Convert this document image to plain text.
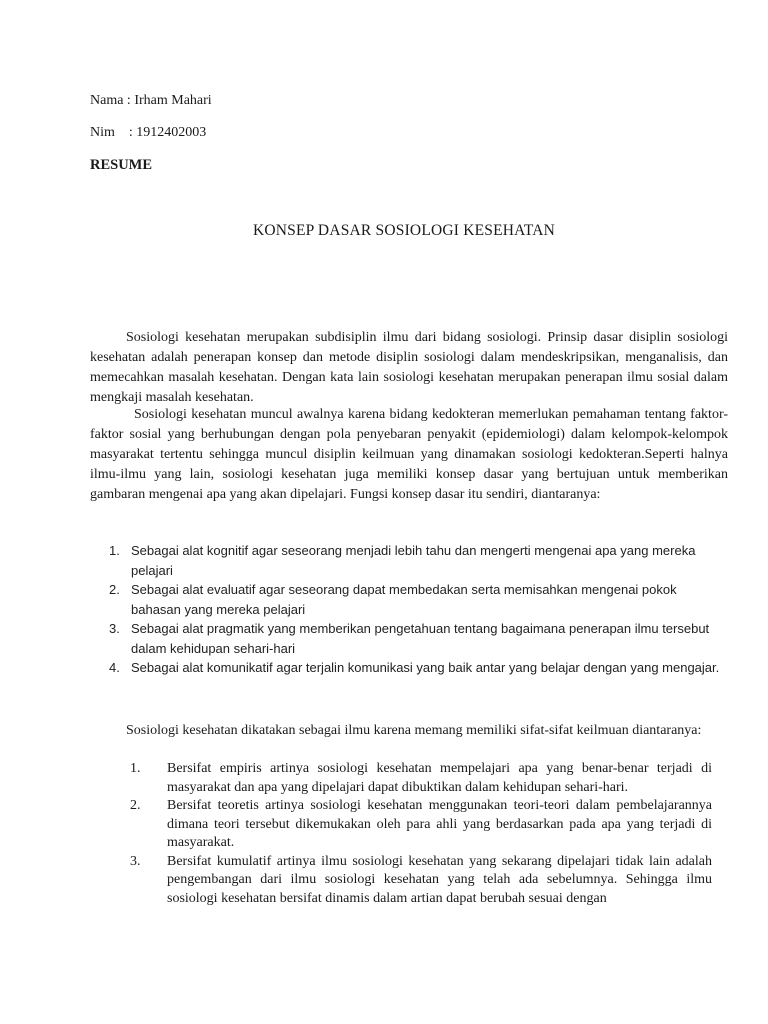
Nama : Irham Mahari
Nim    : 1912402003
RESUME
KONSEP DASAR SOSIOLOGI KESEHATAN

Sosiologi kesehatan merupakan subdisiplin ilmu dari bidang sosiologi. Prinsip dasar disiplin sosiologi kesehatan adalah penerapan konsep dan metode disiplin sosiologi dalam mendeskripsikan, menganalisis, dan memecahkan masalah kesehatan. Dengan kata lain sosiologi kesehatan merupakan penerapan ilmu sosial dalam mengkaji masalah kesehatan.

Sosiologi kesehatan muncul awalnya karena bidang kedokteran memerlukan pemahaman tentang faktor-faktor sosial yang berhubungan dengan pola penyebaran penyakit (epidemiologi) dalam kelompok-kelompok masyarakat tertentu sehingga muncul disiplin keilmuan yang dinamakan sosiologi kedokteran.Seperti halnya ilmu-ilmu yang lain, sosiologi kesehatan juga memiliki konsep dasar yang bertujuan untuk memberikan gambaran mengenai apa yang akan dipelajari. Fungsi konsep dasar itu sendiri, diantaranya:

1. Sebagai alat kognitif agar seseorang menjadi lebih tahu dan mengerti mengenai apa yang mereka pelajari
2. Sebagai alat evaluatif agar seseorang dapat membedakan serta memisahkan mengenai pokok bahasan yang mereka pelajari
3. Sebagai alat pragmatik yang memberikan pengetahuan tentang bagaimana penerapan ilmu tersebut dalam kehidupan sehari-hari
4. Sebagai alat komunikatif agar terjalin komunikasi yang baik antar yang belajar dengan yang mengajar.

Sosiologi kesehatan dikatakan sebagai ilmu karena memang memiliki sifat-sifat keilmuan diantaranya:

1. Bersifat empiris artinya sosiologi kesehatan mempelajari apa yang benar-benar terjadi di masyarakat dan apa yang dipelajari dapat dibuktikan dalam kehidupan sehari-hari.
2. Bersifat teoretis artinya sosiologi kesehatan menggunakan teori-teori dalam pembelajarannya dimana teori tersebut dikemukakan oleh para ahli yang berdasarkan pada apa yang terjadi di masyarakat.
3. Bersifat kumulatif artinya ilmu sosiologi kesehatan yang sekarang dipelajari tidak lain adalah pengembangan dari ilmu sosiologi kesehatan yang telah ada sebelumnya. Sehingga ilmu sosiologi kesehatan bersifat dinamis dalam artian dapat berubah sesuai dengan
